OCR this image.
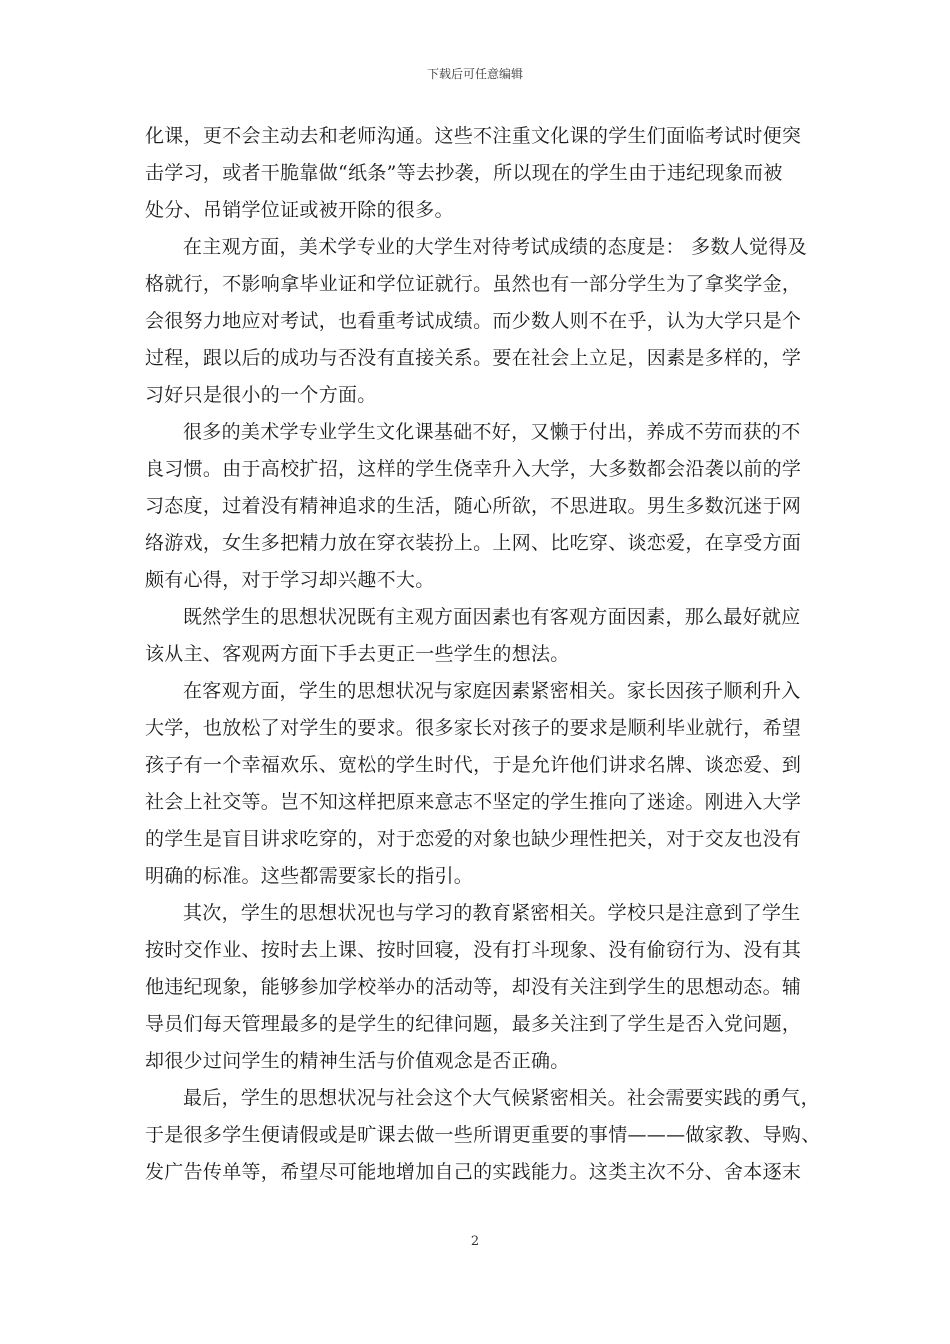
下载后可任意编辑
化课，更不会主动去和老师沟通。这些不注重文化课的学生们面临考试时便突
击学习，或者干脆靠做“纸条”等去抄袭，所以现在的学生由于违纪现象而被
处分、吊销学位证或被开除的很多。
在主观方面，美术学专业的大学生对待考试成绩的态度是： 多数人觉得及
格就行，不影响拿毕业证和学位证就行。虽然也有一部分学生为了拿奖学金，
会很努力地应对考试，也看重考试成绩。而少数人则不在乎，认为大学只是个
过程，跟以后的成功与否没有直接关系。要在社会上立足，因素是多样的，学
习好只是很小的一个方面。
很多的美术学专业学生文化课基础不好，又懒于付出，养成不劳而获的不
良习惯。由于高校扩招，这样的学生侥幸升入大学，大多数都会沿袭以前的学
习态度，过着没有精神追求的生活，随心所欲，不思进取。男生多数沉迷于网
络游戏，女生多把精力放在穿衣装扮上。上网、比吃穿、谈恋爱，在享受方面
颇有心得，对于学习却兴趣不大。
既然学生的思想状况既有主观方面因素也有客观方面因素，那么最好就应
该从主、客观两方面下手去更正一些学生的想法。
在客观方面，学生的思想状况与家庭因素紧密相关。家长因孩子顺利升入
大学，也放松了对学生的要求。很多家长对孩子的要求是顺利毕业就行，希望
孩子有一个幸福欢乐、宽松的学生时代，于是允许他们讲求名牌、谈恋爱、到
社会上社交等。岂不知这样把原来意志不坚定的学生推向了迷途。刚进入大学
的学生是盲目讲求吃穿的，对于恋爱的对象也缺少理性把关，对于交友也没有
明确的标准。这些都需要家长的指引。
其次，学生的思想状况也与学习的教育紧密相关。学校只是注意到了学生
按时交作业、按时去上课、按时回寝，没有打斗现象、没有偷窃行为、没有其
他违纪现象，能够参加学校举办的活动等，却没有关注到学生的思想动态。辅
导员们每天管理最多的是学生的纪律问题，最多关注到了学生是否入党问题，
却很少过问学生的精神生活与价值观念是否正确。
最后，学生的思想状况与社会这个大气候紧密相关。社会需要实践的勇气，
于是很多学生便请假或是旷课去做一些所谓更重要的事情———做家教、导购、
发广告传单等，希望尽可能地增加自己的实践能力。这类主次不分、舍本逐末
2
